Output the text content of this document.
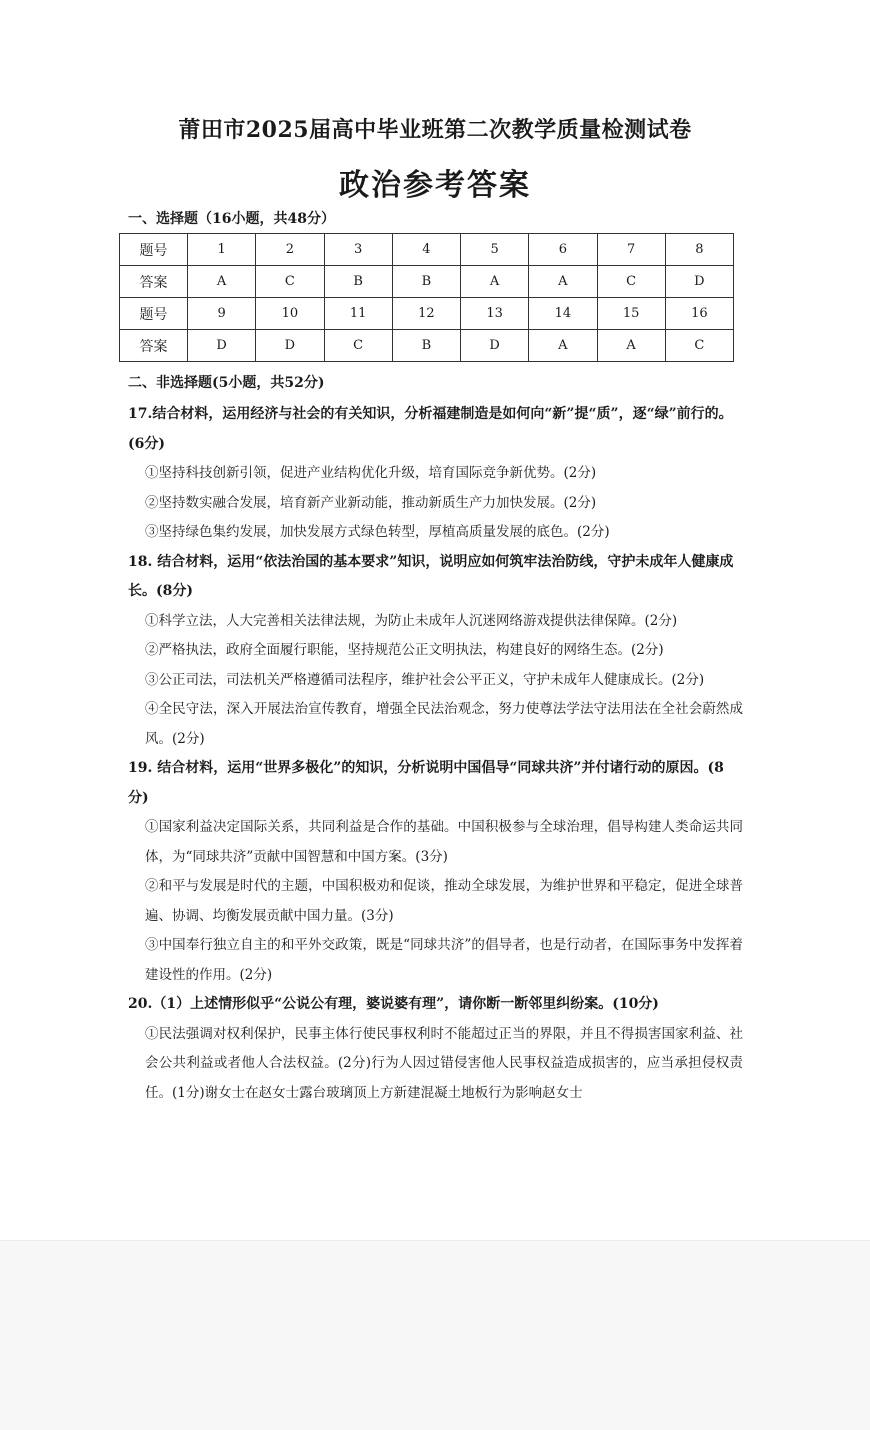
莆田市2025届高中毕业班第二次教学质量检测试卷
政治参考答案
一、选择题（16小题，共48分）
题号	1	2	3	4	5	6	7	8
答案	A	C	B	B	A	A	C	D
题号	9	10	11	12	13	14	15	16
答案	D	D	C	B	D	A	A	C
二、非选择题(5小题，共52分)
17.结合材料，运用经济与社会的有关知识，分析福建制造是如何向“新”提“质”，逐“绿”前行的。(6分)
①坚持科技创新引领，促进产业结构优化升级，培育国际竞争新优势。(2分)
②坚持数实融合发展，培育新产业新动能，推动新质生产力加快发展。(2分)
③坚持绿色集约发展，加快发展方式绿色转型，厚植高质量发展的底色。(2分)
18. 结合材料，运用“依法治国的基本要求”知识，说明应如何筑牢法治防线，守护未成年人健康成长。(8分)
①科学立法，人大完善相关法律法规，为防止未成年人沉迷网络游戏提供法律保障。(2分)
②严格执法，政府全面履行职能，坚持规范公正文明执法，构建良好的网络生态。(2分)
③公正司法，司法机关严格遵循司法程序，维护社会公平正义，守护未成年人健康成长。(2分)
④全民守法，深入开展法治宣传教育，增强全民法治观念，努力使尊法学法守法用法在全社会蔚然成风。(2分)
19. 结合材料，运用“世界多极化”的知识，分析说明中国倡导“同球共济”并付诸行动的原因。(8分)
①国家利益决定国际关系，共同利益是合作的基础。中国积极参与全球治理，倡导构建人类命运共同体，为“同球共济”贡献中国智慧和中国方案。(3分)
②和平与发展是时代的主题，中国积极劝和促谈，推动全球发展，为维护世界和平稳定，促进全球普遍、协调、均衡发展贡献中国力量。(3分)
③中国奉行独立自主的和平外交政策，既是“同球共济”的倡导者，也是行动者，在国际事务中发挥着建设性的作用。(2分)
20.（1）上述情形似乎“公说公有理，婆说婆有理”，请你断一断邻里纠纷案。(10分)
①民法强调对权利保护，民事主体行使民事权利时不能超过正当的界限，并且不得损害国家利益、社会公共利益或者他人合法权益。(2分)行为人因过错侵害他人民事权益造成损害的，应当承担侵权责任。(1分)谢女士在赵女士露台玻璃顶上方新建混凝土地板行为影响赵女士
